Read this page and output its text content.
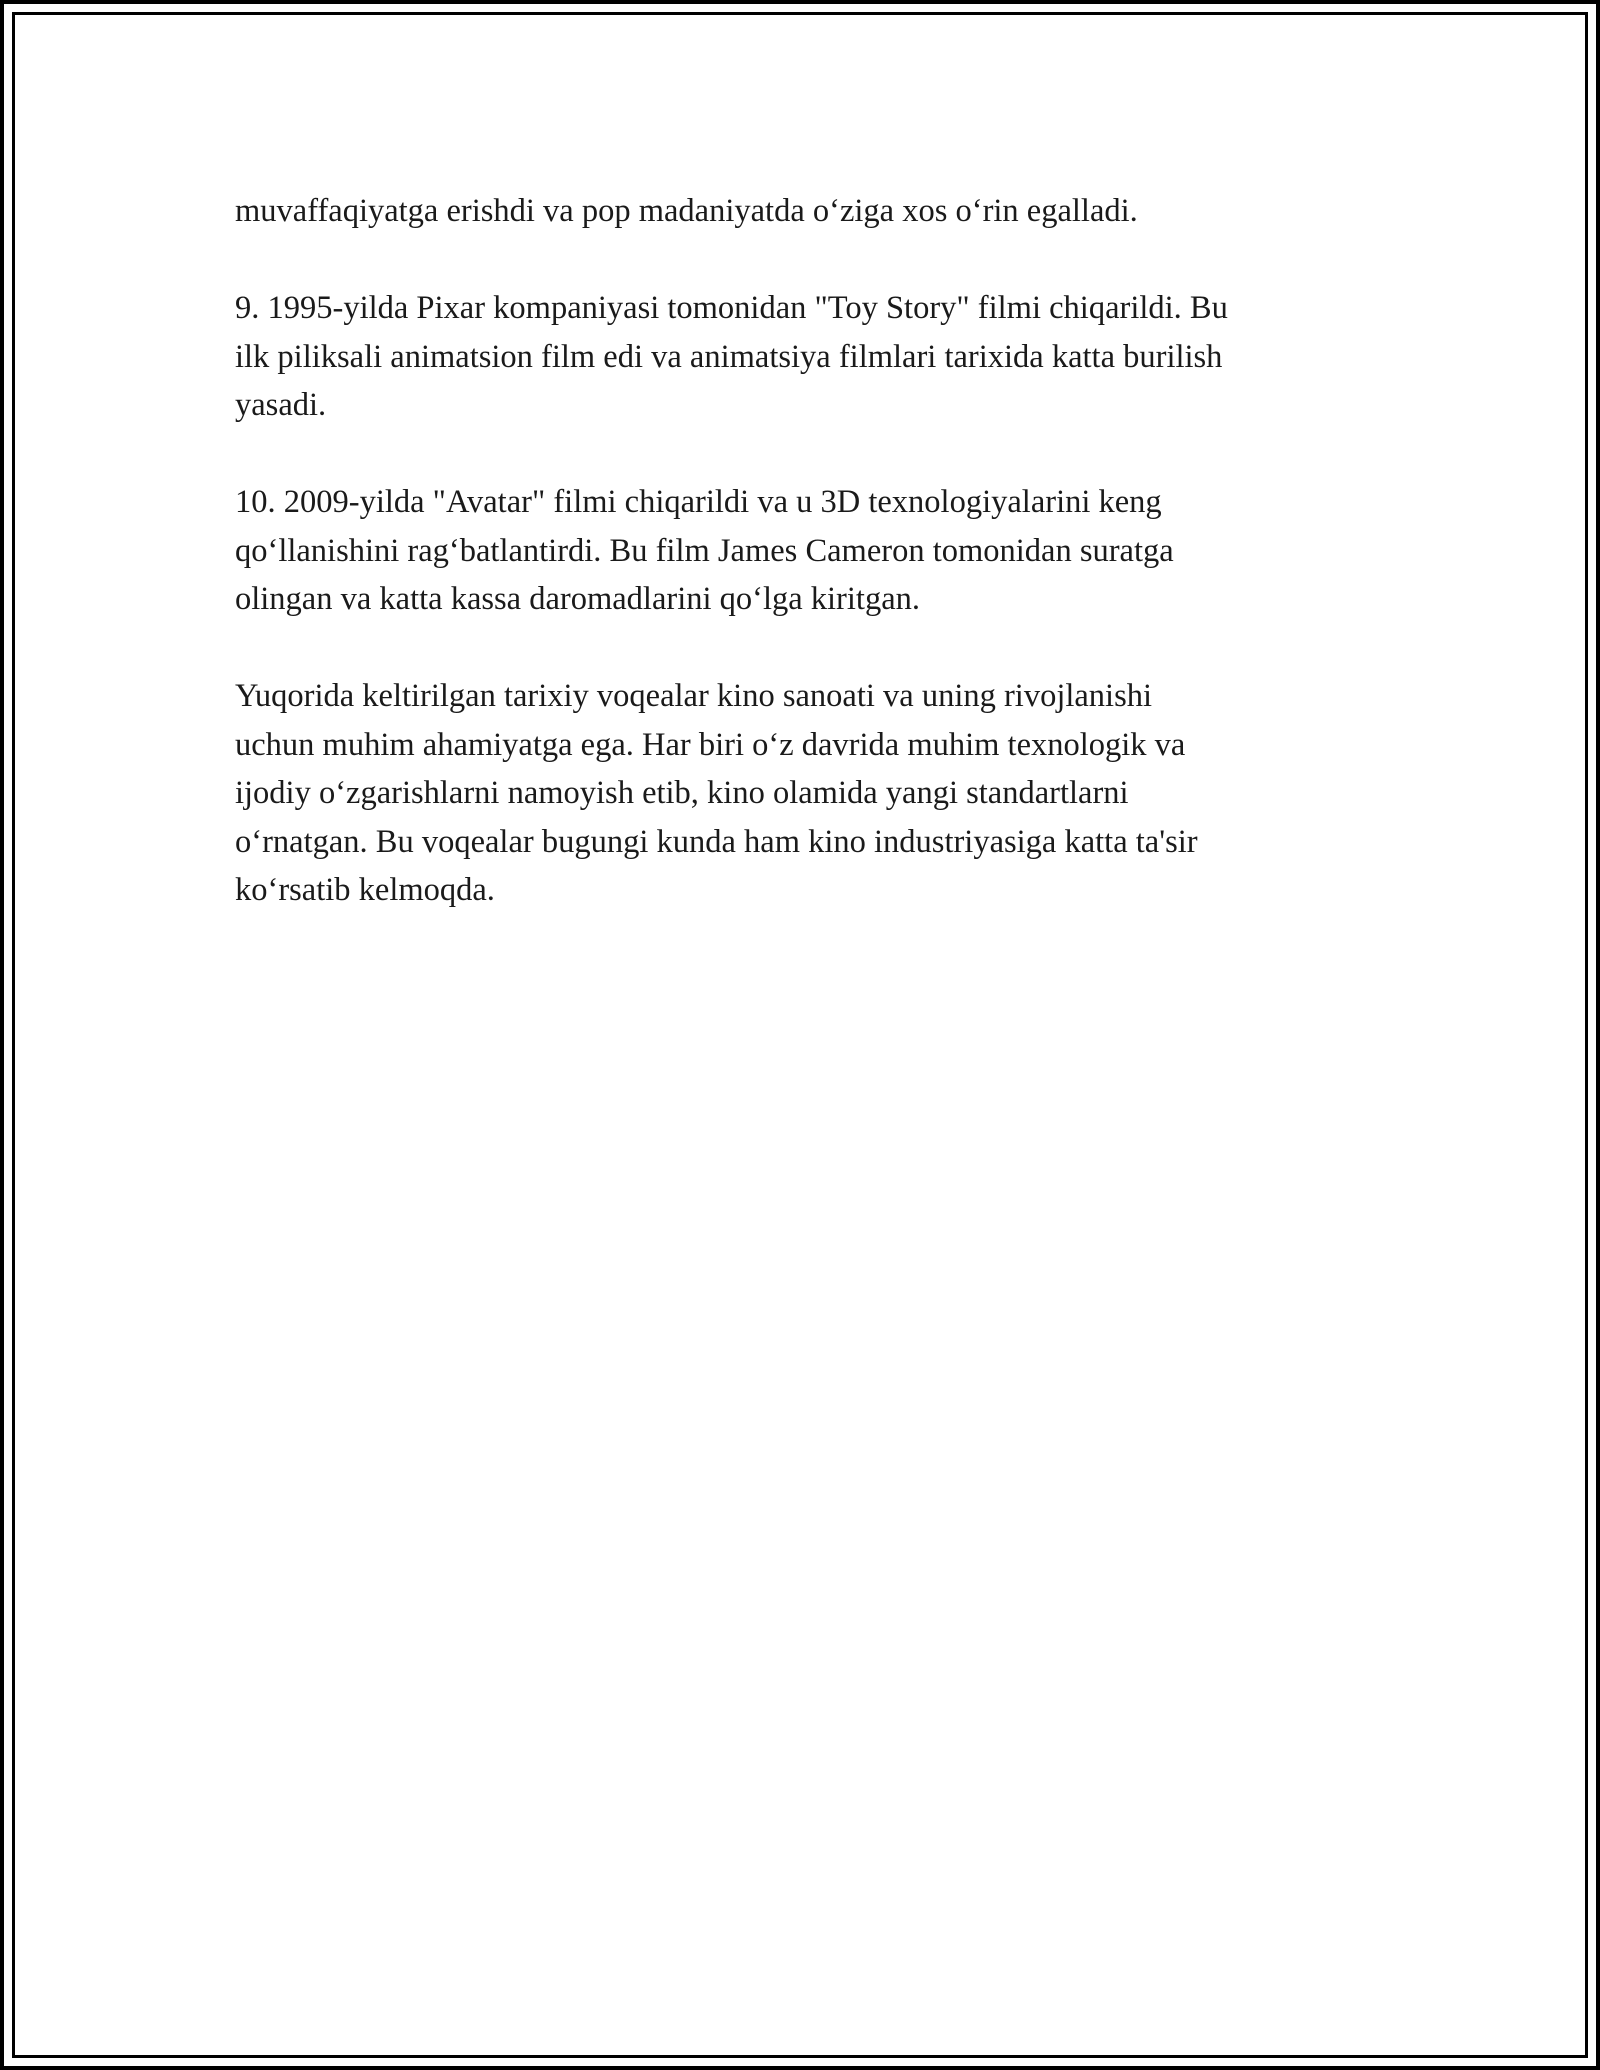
muvaffaqiyatga erishdi va pop madaniyatda o‘ziga xos o‘rin egalladi.

9. 1995-yilda Pixar kompaniyasi tomonidan "Toy Story" filmi chiqarildi. Bu
ilk piliksali animatsion film edi va animatsiya filmlari tarixida katta burilish
yasadi.

10. 2009-yilda "Avatar" filmi chiqarildi va u 3D texnologiyalarini keng
qo‘llanishini rag‘batlantirdi. Bu film James Cameron tomonidan suratga
olingan va katta kassa daromadlarini qo‘lga kiritgan.

Yuqorida keltirilgan tarixiy voqealar kino sanoati va uning rivojlanishi
uchun muhim ahamiyatga ega. Har biri o‘z davrida muhim texnologik va
ijodiy o‘zgarishlarni namoyish etib, kino olamida yangi standartlarni
o‘rnatgan. Bu voqealar bugungi kunda ham kino industriyasiga katta ta'sir
ko‘rsatib kelmoqda.
